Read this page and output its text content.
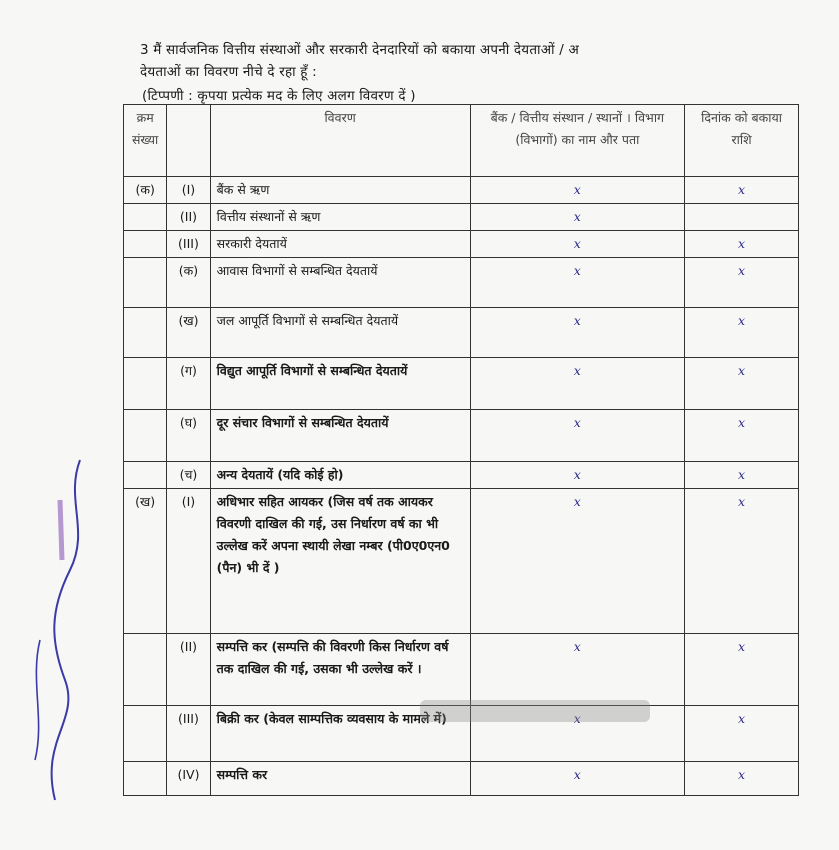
3 मैं सार्वजनिक वित्तीय संस्थाओं और सरकारी देनदारियों को बकाया अपनी देयताओं / अ
देयताओं का विवरण नीचे दे रहा हूँ :
(टिप्पणी : कृपया प्रत्येक मद के लिए अलग विवरण दें )
क्रम संख्या		विवरण	बैंक / वित्तीय संस्थान / स्थानों । विभाग (विभागों) का नाम और पता	दिनांक को बकाया राशि
(क)	(I)	बैंक से ऋण	x	x
	(II)	वित्तीय संस्थानों से ऋण	x	
	(III)	सरकारी देयतायें	x	x
	(क)	आवास विभागों से सम्बन्धित देयतायें	x	x
	(ख)	जल आपूर्ति विभागों से सम्बन्धित देयतायें	x	x
	(ग)	विद्युत आपूर्ति विभागों से सम्बन्धित देयतायें	x	x
	(घ)	दूर संचार विभागों से सम्बन्धित देयतायें	x	x
	(च)	अन्य देयतायें (यदि कोई हो)	x	x
(ख)	(I)	अधिभार सहित आयकर (जिस वर्ष तक आयकर विवरणी दाखिल की गई, उस निर्धारण वर्ष का भी उल्लेख करें अपना स्थायी लेखा नम्बर (पी0ए0एन0 (पैन) भी दें )	x	x
	(II)	सम्पत्ति कर (सम्पत्ति की विवरणी किस निर्धारण वर्ष तक दाखिल की गई, उसका भी उल्लेख करें ।	x	x
	(III)	बिक्री कर (केवल साम्पत्तिक व्यवसाय के मामले में)	x	x
	(IV)	सम्पत्ति कर	x	x
